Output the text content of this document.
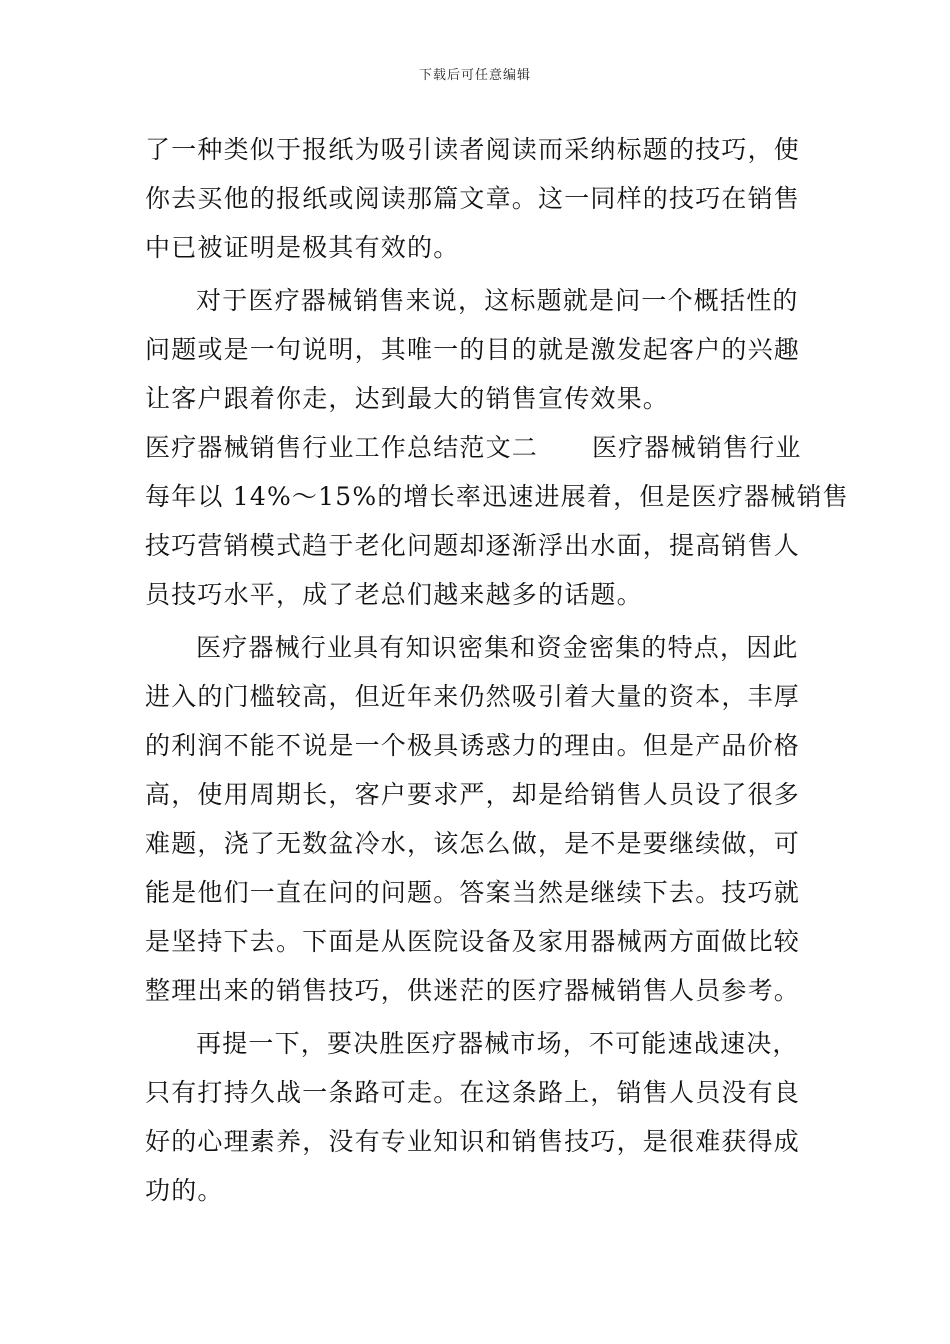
下载后可任意编辑
了一种类似于报纸为吸引读者阅读而采纳标题的技巧，使
你去买他的报纸或阅读那篇文章。这一同样的技巧在销售
中已被证明是极其有效的。
对于医疗器械销售来说，这标题就是问一个概括性的
问题或是一句说明，其唯一的目的就是激发起客户的兴趣
让客户跟着你走，达到最大的销售宣传效果。
医疗器械销售行业工作总结范文二 医疗器械销售行业
每年以 14%～15%的增长率迅速进展着，但是医疗器械销售
技巧营销模式趋于老化问题却逐渐浮出水面，提高销售人
员技巧水平，成了老总们越来越多的话题。
医疗器械行业具有知识密集和资金密集的特点，因此
进入的门槛较高，但近年来仍然吸引着大量的资本，丰厚
的利润不能不说是一个极具诱惑力的理由。但是产品价格
高，使用周期长，客户要求严，却是给销售人员设了很多
难题，浇了无数盆冷水，该怎么做，是不是要继续做，可
能是他们一直在问的问题。答案当然是继续下去。技巧就
是坚持下去。下面是从医院设备及家用器械两方面做比较
整理出来的销售技巧，供迷茫的医疗器械销售人员参考。
再提一下，要决胜医疗器械市场，不可能速战速决，
只有打持久战一条路可走。在这条路上，销售人员没有良
好的心理素养，没有专业知识和销售技巧，是很难获得成
功的。
